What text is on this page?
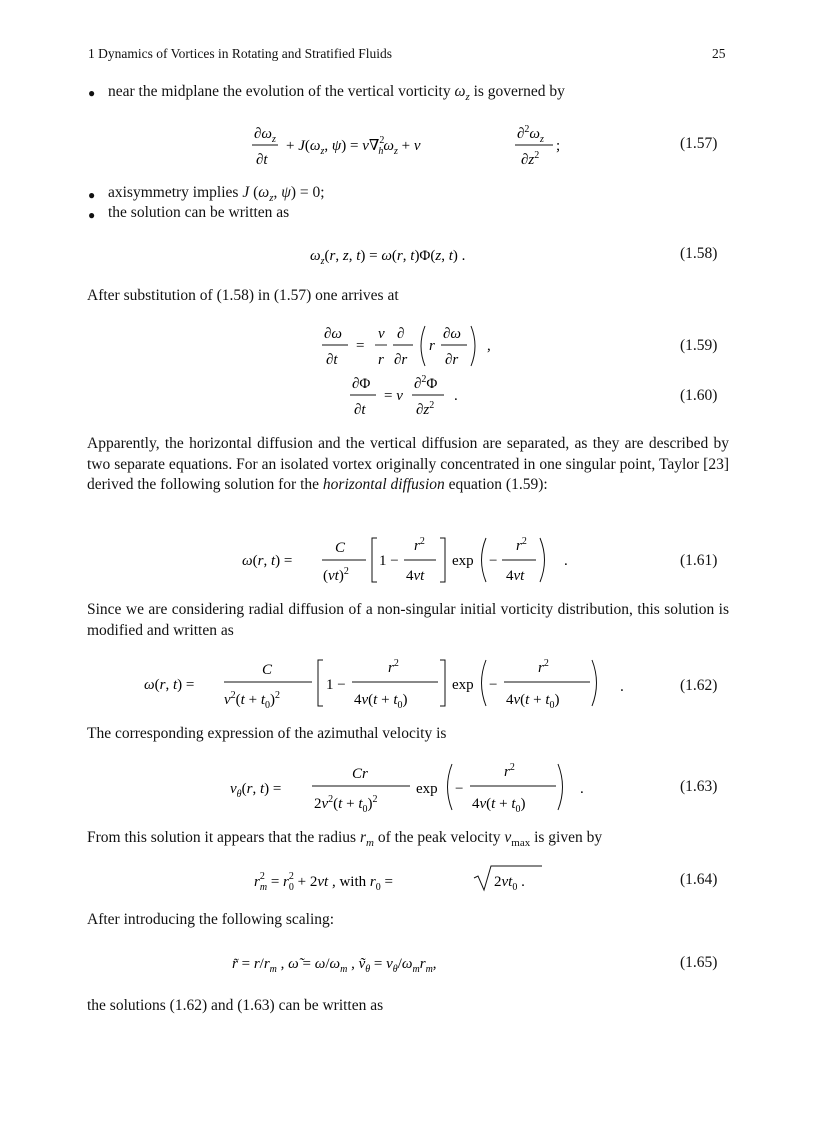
1 Dynamics of Vortices in Rotating and Stratified Fluids	25
● near the midplane the evolution of the vertical vorticity $\omega_z$ is governed by
$\partial\omega_z$
∂t
+ $J(\omega_z$, ψ) = ν∇$^2$ $h\omega_z + \nu$
$\partial^2\omega_z$
$\partial z^2$
;	(1.57)
● axisymmetry implies J ($\omega_z$, ψ) = 0;
● the solution can be written as
$\omega_z(r$, z, t) = ω(r, t)Φ(z, t) .	(1.58)
After substitution of (1.58) in (1.57) one arrives at
∂ω
∂t
=
ν
r
∂
∂r
r
∂ω
∂r
,	(1.59)
∂Φ
∂t
= ν
∂$^2$Φ
$\partial z^2$
.	(1.60)
Apparently, the horizontal diffusion and the vertical diffusion are separated, as they are described by two separate equations. For an isolated vortex originally concentrated in one singular point, Taylor [23] derived the following solution for the horizontal diffusion equation (1.59):
ω(r, t) =
C
$(\nu t)^2$
1 −
$r^2$
4νt
exp −
$r^2$
4νt
.	(1.61)
Since we are considering radial diffusion of a non-singular initial vorticity distribution, this solution is modified and written as
ω(r, t) =
C
$\nu^2(t + t_0)^2$
1 −
$r^2$
$4\nu(t + t_0)$
exp −
$r^2$
$4\nu(t + t_0)$
.	(1.62)
The corresponding expression of the azimuthal velocity is
$v_\theta(r$, t) =
Cr
$2\nu^2(t + t_0)^2$
exp −
$r^2$
$4\nu(t + t_0)$
.	(1.63)
From this solution it appears that the radius $r_m$ of the peak velocity $v_{max}$ is given by
$r^2$ $m = r^2$ 0 + 2νt , with $r_0$ =	$2\nu t_0$ .	(1.64)
After introducing the following scaling:
r̃ = $r/r_m$ , ω̃ = $\omega/\omega_m$ , ṽ$_\theta$ = $v_\theta/\omega_mr_m$,	(1.65)
the solutions (1.62) and (1.63) can be written as
